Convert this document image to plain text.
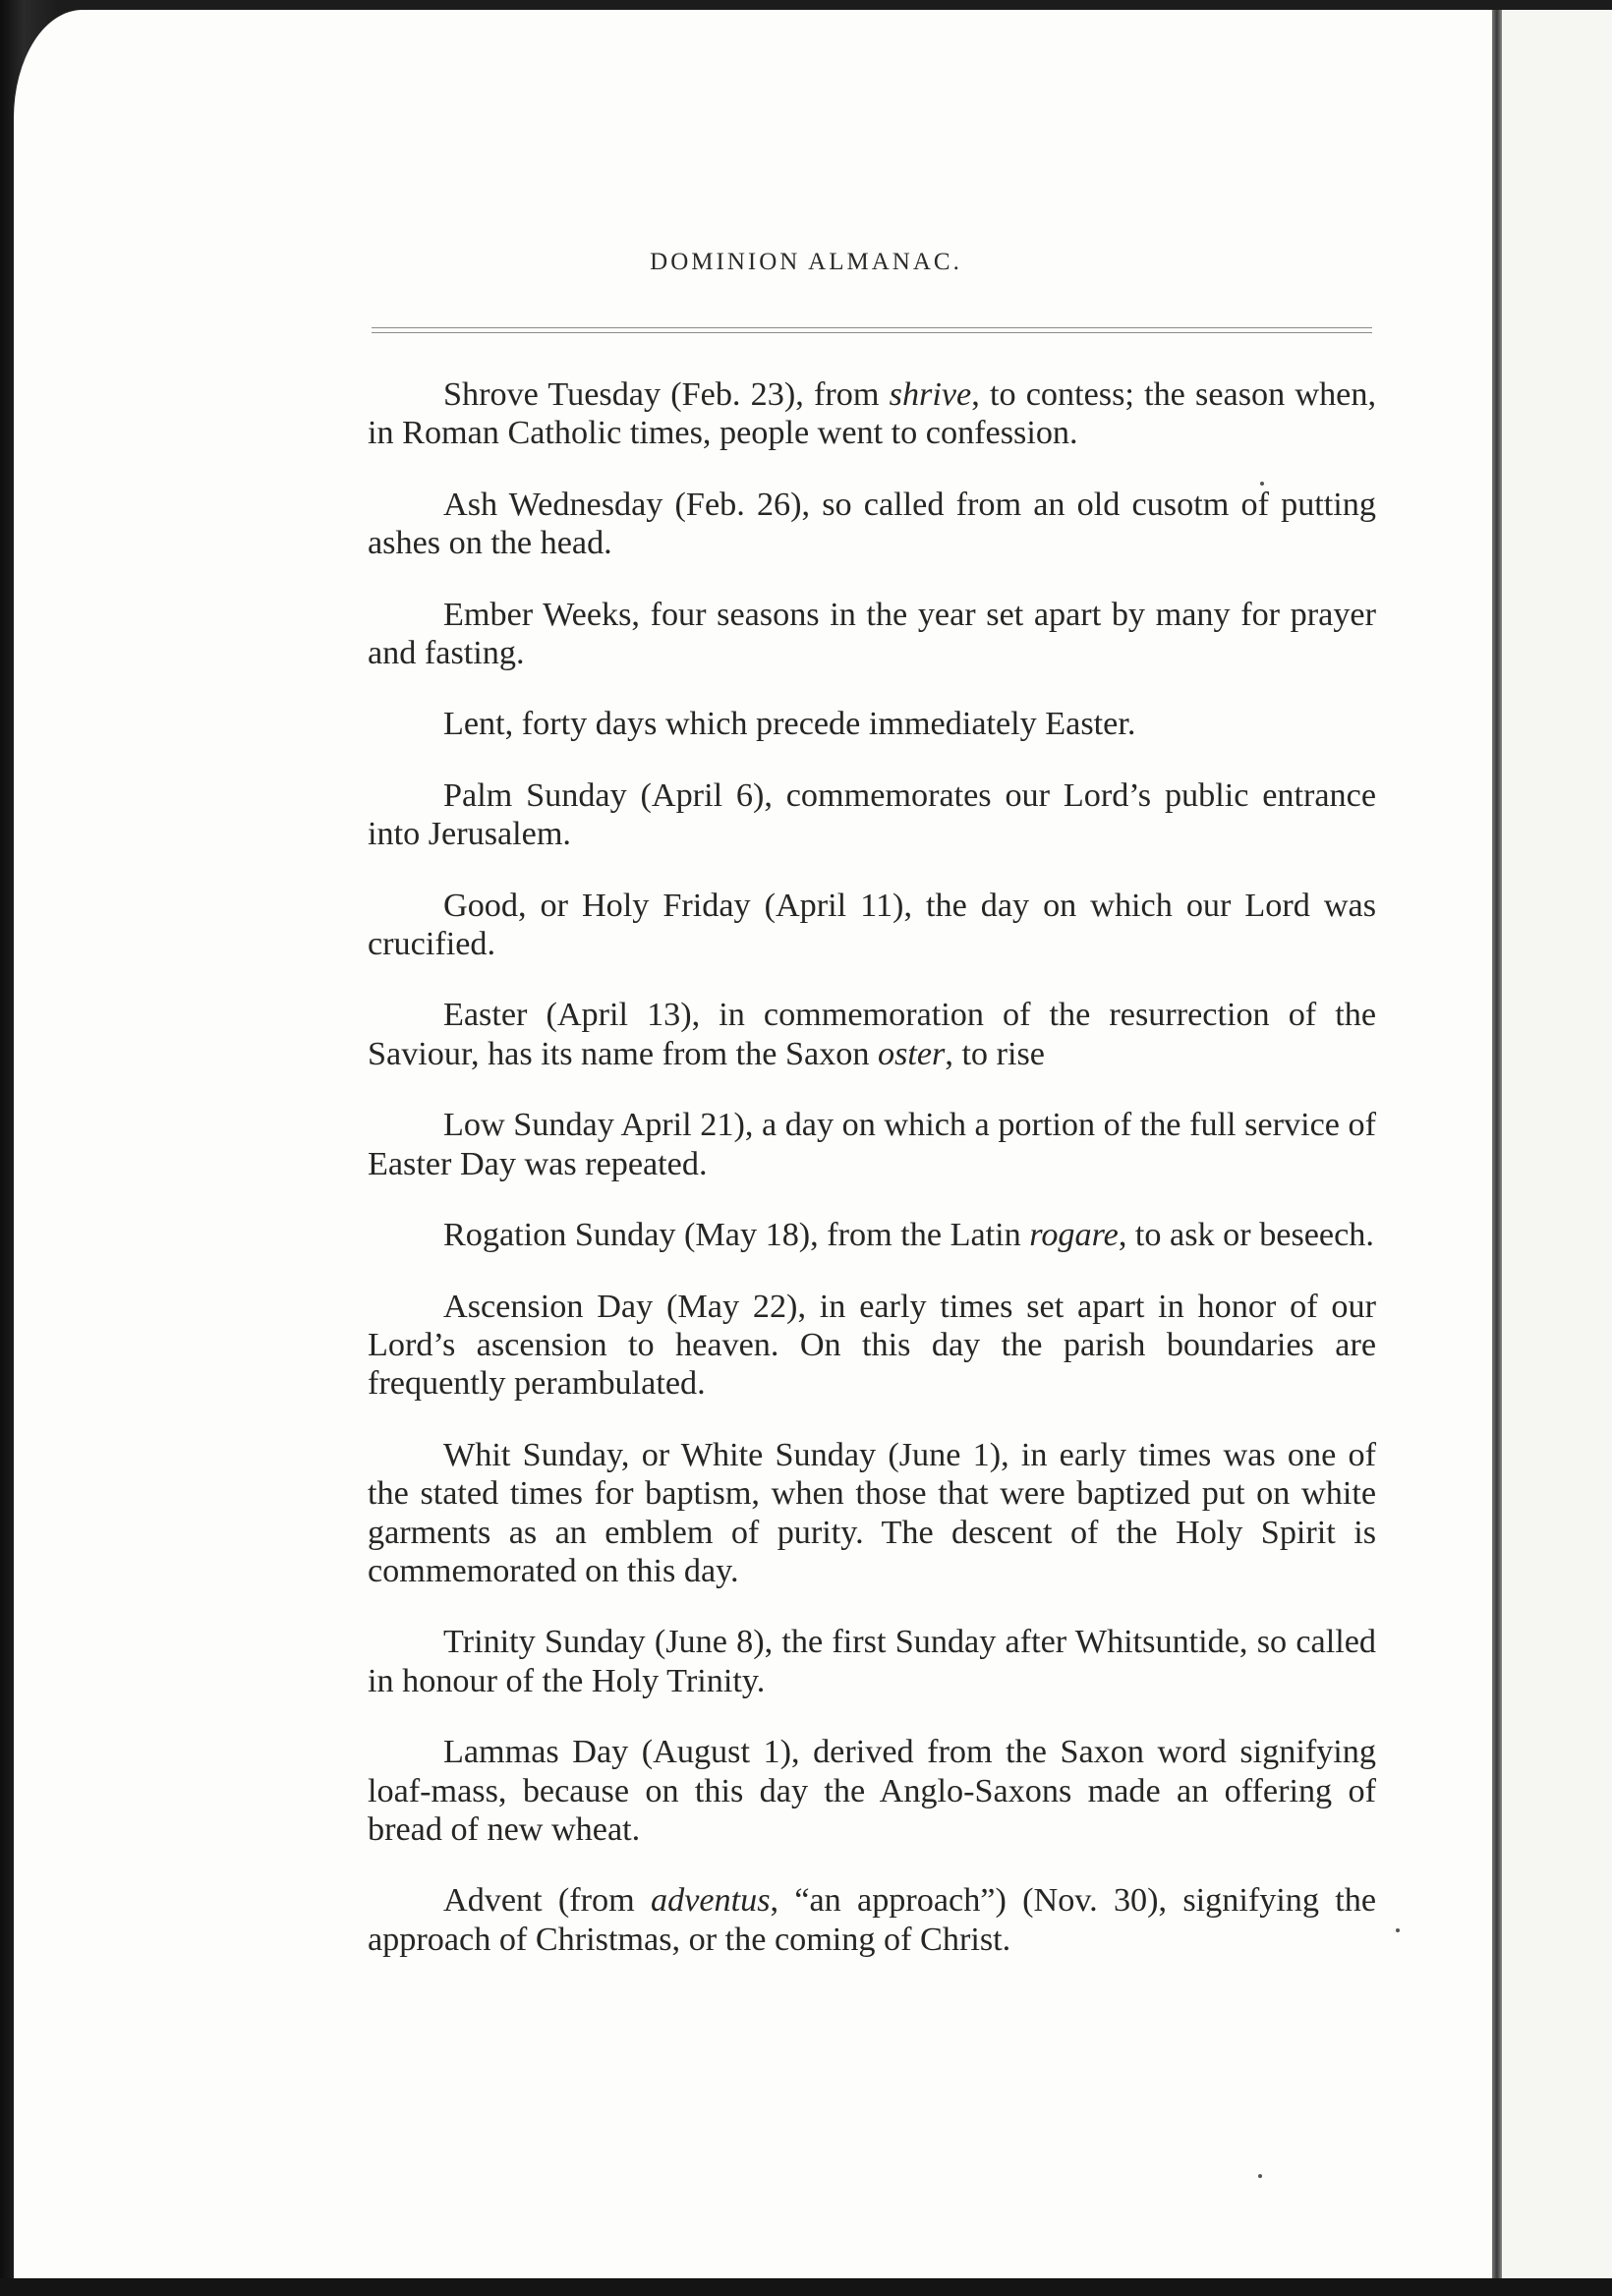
DOMINION ALMANAC.

Shrove Tuesday (Feb. 23), from shrive, to contess; the season when, in Roman Catholic times, people went to confession.

Ash Wednesday (Feb. 26), so called from an old cusotm of putting ashes on the head.

Ember Weeks, four seasons in the year set apart by many for prayer and fasting.

Lent, forty days which precede immediately Easter.

Palm Sunday (April 6), commemorates our Lord’s public entrance into Jerusalem.

Good, or Holy Friday (April 11), the day on which our Lord was crucified.

Easter (April 13), in commemoration of the resurrection of the Saviour, has its name from the Saxon oster, to rise

Low Sunday April 21), a day on which a portion of the full service of Easter Day was repeated.

Rogation Sunday (May 18), from the Latin rogare, to ask or beseech.

Ascension Day (May 22), in early times set apart in honor of our Lord’s ascension to heaven. On this day the parish boundaries are frequently perambulated.

Whit Sunday, or White Sunday (June 1), in early times was one of the stated times for baptism, when those that were baptized put on white garments as an emblem of purity. The descent of the Holy Spirit is commemorated on this day.

Trinity Sunday (June 8), the first Sunday after Whitsuntide, so called in honour of the Holy Trinity.

Lammas Day (August 1), derived from the Saxon word signifying loaf-mass, because on this day the Anglo-Saxons made an offering of bread of new wheat.

Advent (from adventus, “an approach”) (Nov. 30), signifying the approach of Christmas, or the coming of Christ.
